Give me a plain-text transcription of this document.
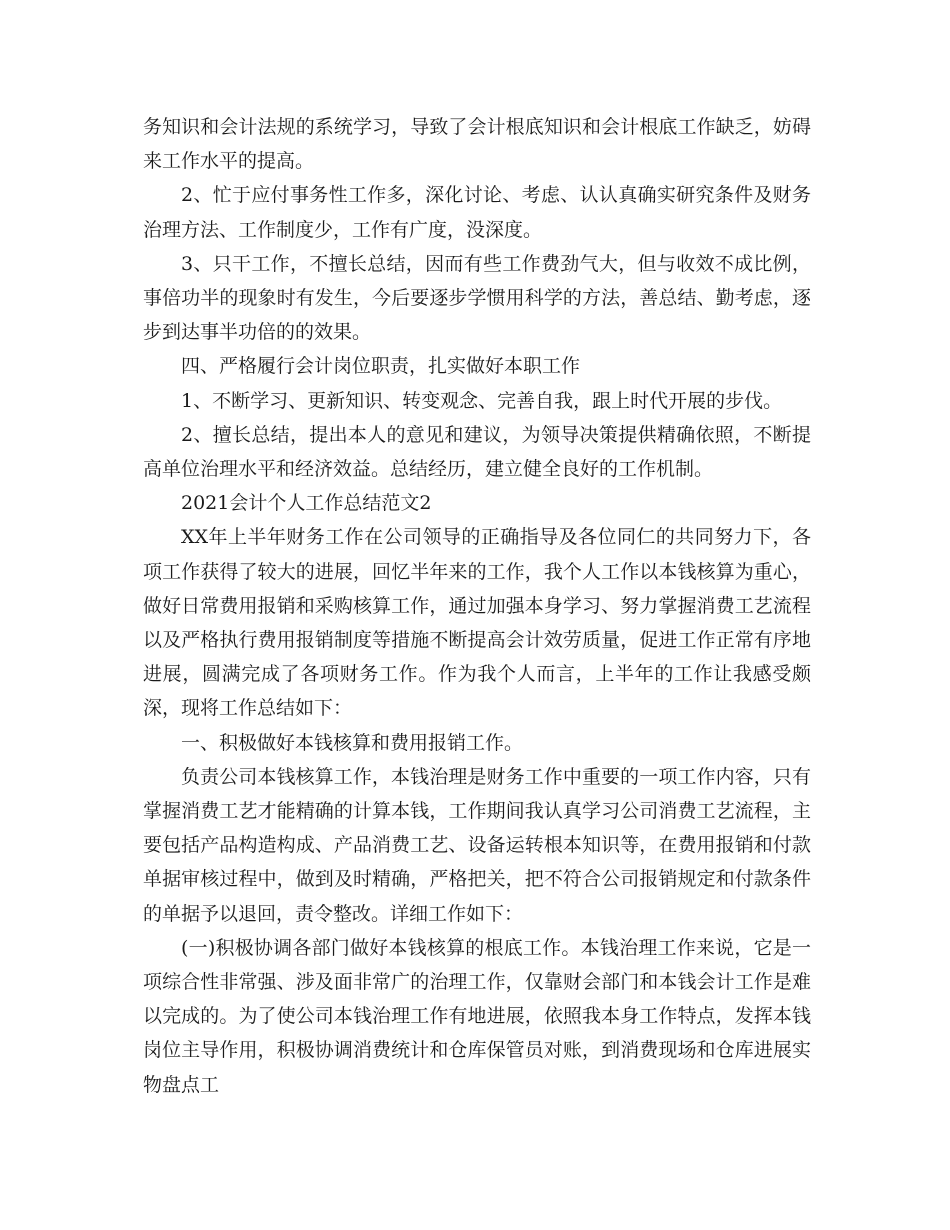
务知识和会计法规的系统学习，导致了会计根底知识和会计根底工作缺乏，妨碍来工作水平的提高。

2、忙于应付事务性工作多，深化讨论、考虑、认认真确实研究条件及财务治理方法、工作制度少，工作有广度，没深度。

3、只干工作，不擅长总结，因而有些工作费劲气大，但与收效不成比例，事倍功半的现象时有发生，今后要逐步学惯用科学的方法，善总结、勤考虑，逐步到达事半功倍的的效果。

四、严格履行会计岗位职责，扎实做好本职工作

1、不断学习、更新知识、转变观念、完善自我，跟上时代开展的步伐。

2、擅长总结，提出本人的意见和建议，为领导决策提供精确依照，不断提高单位治理水平和经济效益。总结经历，建立健全良好的工作机制。

2021会计个人工作总结范文2

XX年上半年财务工作在公司领导的正确指导及各位同仁的共同努力下，各项工作获得了较大的进展，回忆半年来的工作，我个人工作以本钱核算为重心，做好日常费用报销和采购核算工作，通过加强本身学习、努力掌握消费工艺流程以及严格执行费用报销制度等措施不断提高会计效劳质量，促进工作正常有序地进展，圆满完成了各项财务工作。作为我个人而言，上半年的工作让我感受颇深，现将工作总结如下：

一、积极做好本钱核算和费用报销工作。

负责公司本钱核算工作，本钱治理是财务工作中重要的一项工作内容，只有掌握消费工艺才能精确的计算本钱，工作期间我认真学习公司消费工艺流程，主要包括产品构造构成、产品消费工艺、设备运转根本知识等，在费用报销和付款单据审核过程中，做到及时精确，严格把关，把不符合公司报销规定和付款条件的单据予以退回，责令整改。详细工作如下：

(一)积极协调各部门做好本钱核算的根底工作。本钱治理工作来说，它是一项综合性非常强、涉及面非常广的治理工作，仅靠财会部门和本钱会计工作是难以完成的。为了使公司本钱治理工作有地进展，依照我本身工作特点，发挥本钱岗位主导作用，积极协调消费统计和仓库保管员对账，到消费现场和仓库进展实物盘点工
